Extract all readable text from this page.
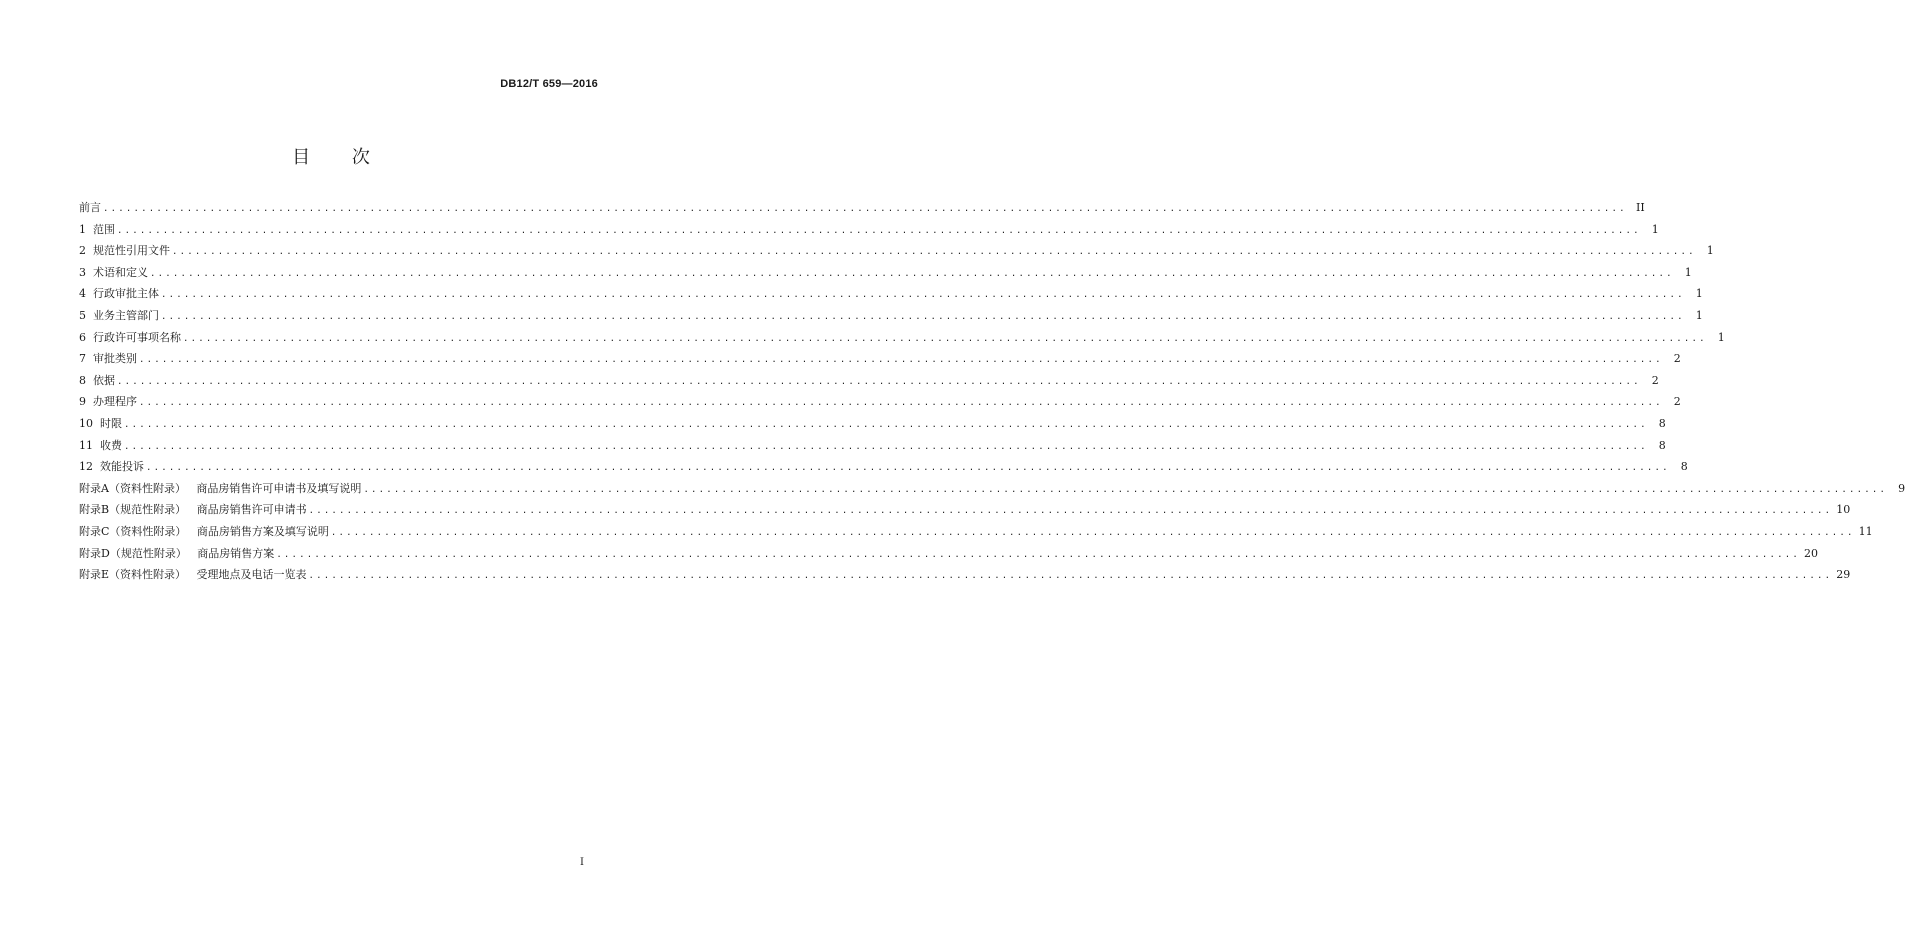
DB12/T 659—2016
目 次
前言 ........................................................................................................................................................................................................ II
1  范围 ........................................................................................................................................................................................................	1
2  规范性引用文件 ........................................................................................................................................................................................................	1
3  术语和定义 ........................................................................................................................................................................................................	1
4  行政审批主体 ........................................................................................................................................................................................................	1
5  业务主管部门 ........................................................................................................................................................................................................	1
6  行政许可事项名称 ........................................................................................................................................................................................................	1
7  审批类别 ........................................................................................................................................................................................................	2
8  依据 ........................................................................................................................................................................................................	2
9  办理程序 ........................................................................................................................................................................................................	2
10  时限 ........................................................................................................................................................................................................	8
11  收费 ........................................................................................................................................................................................................	8
12  效能投诉 ........................................................................................................................................................................................................	8
附录A（资料性附录）   商品房销售许可申请书及填写说明 ........................................................................................................................................................................................................	9
附录B（规范性附录）   商品房销售许可申请书 ........................................................................................................................................................................................................ 10
附录C（资料性附录）   商品房销售方案及填写说明 ........................................................................................................................................................................................................ 11
附录D（规范性附录）   商品房销售方案 ........................................................................................................................................................................................................ 20
附录E（资料性附录）   受理地点及电话一览表 ........................................................................................................................................................................................................ 29
I
